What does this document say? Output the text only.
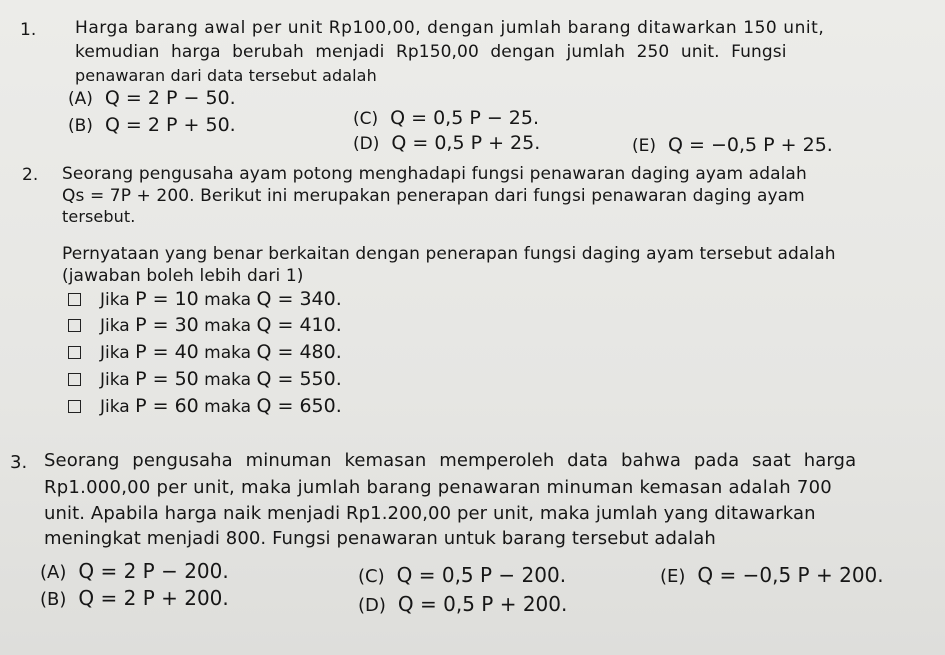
1. Harga barang awal per unit Rp100,00, dengan jumlah barang ditawarkan 150 unit,
kemudian harga berubah menjadi Rp150,00 dengan jumlah 250 unit. Fungsi
penawaran dari data tersebut adalah
(A) Q = 2 P − 50.
(B) Q = 2 P + 50.	(C) Q = 0,5 P − 25.
(D) Q = 0,5 P + 25.	(E) Q = −0,5 P + 25.
2. Seorang pengusaha ayam potong menghadapi fungsi penawaran daging ayam adalah
Qs = 7P + 200. Berikut ini merupakan penerapan dari fungsi penawaran daging ayam
tersebut.
Pernyataan yang benar berkaitan dengan penerapan fungsi daging ayam tersebut adalah
(jawaban boleh lebih dari 1)
Jika P = 10 maka Q = 340.
Jika P = 30 maka Q = 410.
Jika P = 40 maka Q = 480.
Jika P = 50 maka Q = 550.
Jika P = 60 maka Q = 650.
3. Seorang pengusaha minuman kemasan memperoleh data bahwa pada saat harga
Rp1.000,00 per unit, maka jumlah barang penawaran minuman kemasan adalah 700
unit. Apabila harga naik menjadi Rp1.200,00 per unit, maka jumlah yang ditawarkan
meningkat menjadi 800. Fungsi penawaran untuk barang tersebut adalah
(A) Q = 2 P − 200.
(B) Q = 2 P + 200.
(C) Q = 0,5 P − 200.
(D) Q = 0,5 P + 200.
(E) Q = −0,5 P + 200.
